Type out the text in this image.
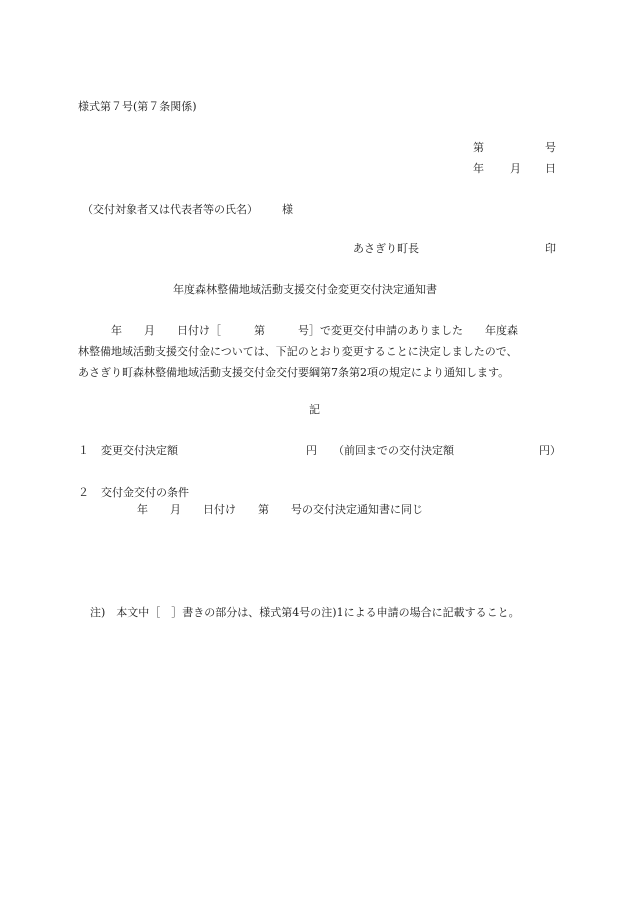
様式第７号(第７条関係)
第	号
年 月 日
（交付対象者又は代表者等の氏名） 様
あさぎり町長	印
年度森林整備地域活動支援交付金変更交付決定通知書
　　　年　　月　　日付け［　　　第　　　号］で変更交付申請のありました　　年度森
林整備地域活動支援交付金については、下記のとおり変更することに決定しましたので、
あさぎり町森林整備地域活動支援交付金交付要綱第7条第2項の規定により通知します。
記
１ 変更交付決定額	円 （前回までの交付決定額	円）
２ 交付金交付の条件
年　　月　　日付け　　第　　号の交付決定通知書に同じ
注)　本文中［　］書きの部分は、様式第4号の注)1による申請の場合に記載すること。
